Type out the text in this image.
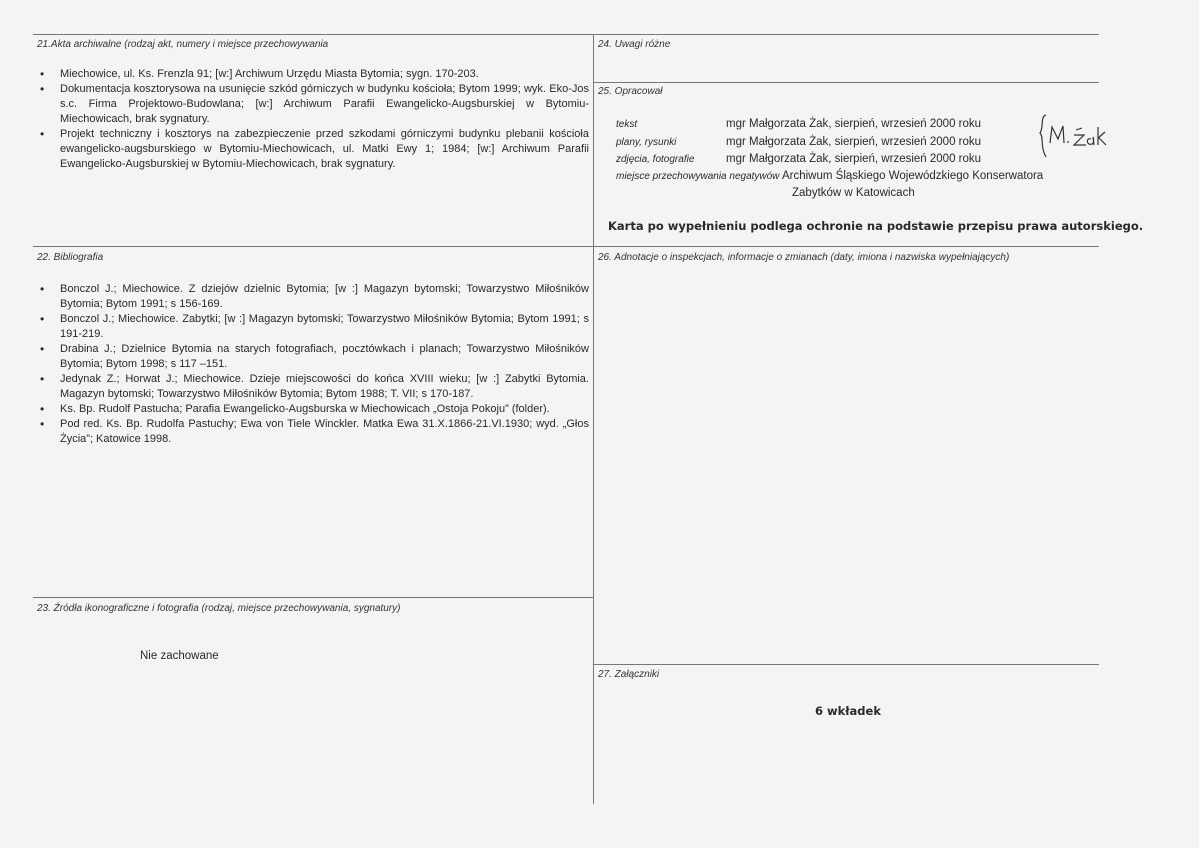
21.Akta archiwalne (rodzaj akt, numery i miejsce przechowywania
• Miechowice, ul. Ks. Frenzla 91; [w:] Archiwum Urzędu Miasta Bytomia; sygn. 170-203.
• Dokumentacja kosztorysowa na usunięcie szkód górniczych w budynku kościoła; Bytom 1999; wyk. Eko-Jos s.c. Firma Projektowo-Budowlana; [w:] Archiwum Parafii Ewangelicko-Augsburskiej w Bytomiu-Miechowicach, brak sygnatury.
• Projekt techniczny i kosztorys na zabezpieczenie przed szkodami górniczymi budynku plebanii kościoła ewangelicko-augsburskiego w Bytomiu-Miechowicach, ul. Matki Ewy 1; 1984; [w:] Archiwum Parafii Ewangelicko-Augsburskiej w Bytomiu-Miechowicach, brak sygnatury.
22. Bibliografia
• Bonczol J.; Miechowice. Z dziejów dzielnic Bytomia; [w :] Magazyn bytomski; Towarzystwo Miłośników Bytomia; Bytom 1991; s 156-169.
• Bonczol J.; Miechowice. Zabytki; [w :] Magazyn bytomski; Towarzystwo Miłośników Bytomia; Bytom 1991; s 191-219.
• Drabina J.; Dzielnice Bytomia na starych fotografiach, pocztówkach i planach; Towarzystwo Miłośników Bytomia; Bytom 1998; s 117 –151.
• Jedynak Z.; Horwat J.; Miechowice. Dzieje miejscowości do końca XVIII wieku; [w :] Zabytki Bytomia. Magazyn bytomski; Towarzystwo Miłośników Bytomia; Bytom 1988; T. VII; s 170-187.
• Ks. Bp. Rudolf Pastucha; Parafia Ewangelicko-Augsburska w Miechowicach „Ostoja Pokoju” (folder).
• Pod red. Ks. Bp. Rudolfa Pastuchy; Ewa von Tiele Winckler. Matka Ewa 31.X.1866-21.VI.1930; wyd. „Głos Życia”; Katowice 1998.
23. Źródła ikonograficzne i fotografia (rodzaj, miejsce przechowywania, sygnatury)
Nie zachowane
24. Uwagi różne
25. Opracował
tekst	mgr Małgorzata Żak, sierpień, wrzesień 2000 roku
plany, rysunki	mgr Małgorzata Żak, sierpień, wrzesień 2000 roku
zdjęcia, fotografie	mgr Małgorzata Żak, sierpień, wrzesień 2000 roku
miejsce przechowywania negatywów Archiwum Śląskiego Wojewódzkiego Konserwatora
Zabytków w Katowicach
Karta po wypełnieniu podlega ochronie na podstawie przepisu prawa autorskiego.
26. Adnotacje o inspekcjach, informacje o zmianach (daty, imiona i nazwiska wypełniających)
27. Załączniki
6 wkładek
